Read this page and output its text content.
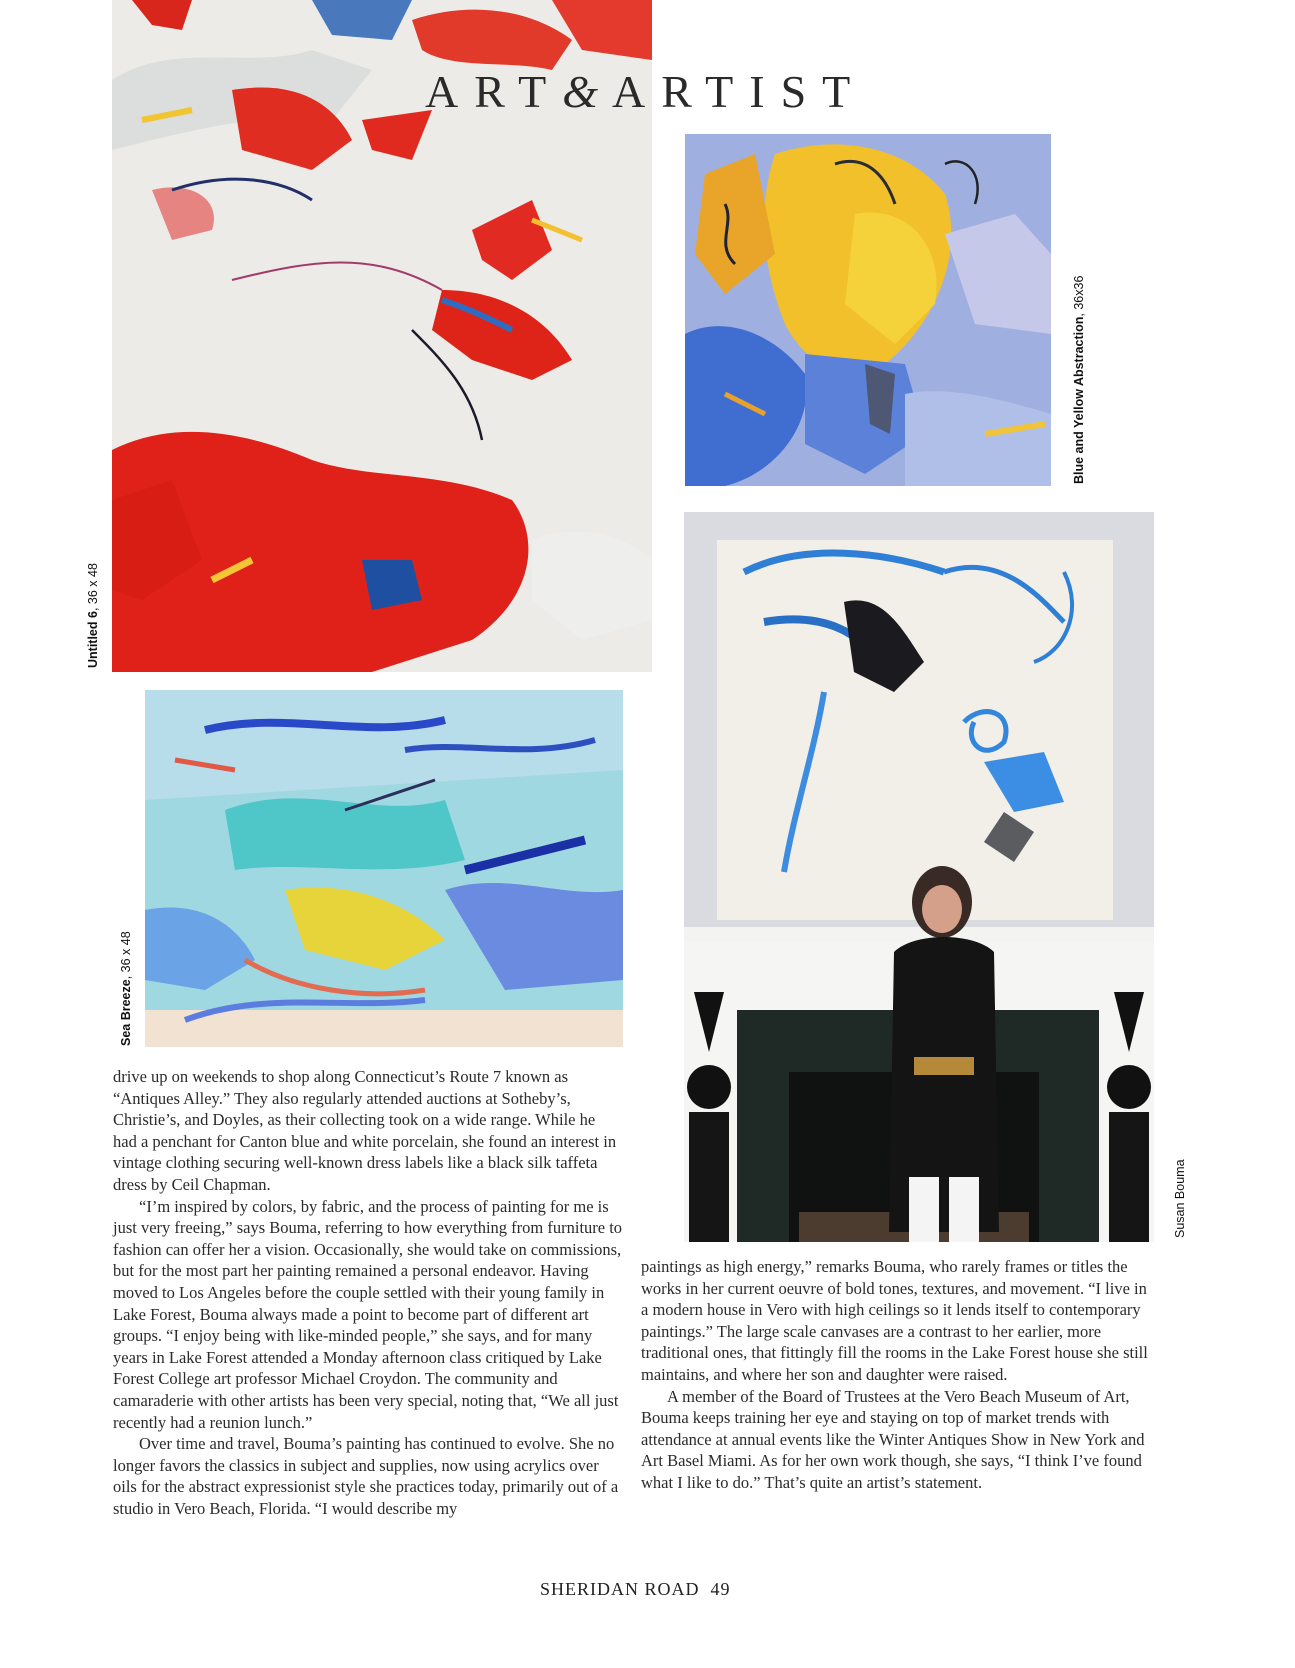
ART& ARTIST
Untitled 6, 36 x 48
Blue and Yellow Abstraction, 36x36
Sea Breeze, 36 x 48
Susan Bouma

drive up on weekends to shop along Connecticut’s Route 7 known as “Antiques Alley.” They also regularly attended auctions at Sotheby’s, Christie’s, and Doyles, as their collecting took on a wide range. While he had a penchant for Canton blue and white porcelain, she found an interest in vintage clothing securing well-known dress labels like a black silk taffeta dress by Ceil Chapman.

“I’m inspired by colors, by fabric, and the process of painting for me is just very freeing,” says Bouma, referring to how everything from furniture to fashion can offer her a vision. Occasionally, she would take on commissions, but for the most part her painting remained a personal endeavor. Having moved to Los Angeles before the couple settled with their young family in Lake Forest, Bouma always made a point to become part of different art groups. “I enjoy being with like-minded people,” she says, and for many years in Lake Forest attended a Monday afternoon class critiqued by Lake Forest College art professor Michael Croydon. The community and camaraderie with other artists has been very special, noting that, “We all just recently had a reunion lunch.”

Over time and travel, Bouma’s painting has continued to evolve. She no longer favors the classics in subject and supplies, now using acrylics over oils for the abstract expressionist style she practices today, primarily out of a studio in Vero Beach, Florida. “I would describe my

paintings as high energy,” remarks Bouma, who rarely frames or titles the works in her current oeuvre of bold tones, textures, and movement. “I live in a modern house in Vero with high ceilings so it lends itself to contemporary paintings.” The large scale canvases are a contrast to her earlier, more traditional ones, that fittingly fill the rooms in the Lake Forest house she still maintains, and where her son and daughter were raised.

A member of the Board of Trustees at the Vero Beach Museum of Art, Bouma keeps training her eye and staying on top of market trends with attendance at annual events like the Winter Antiques Show in New York and Art Basel Miami. As for her own work though, she says, “I think I’ve found what I like to do.” That’s quite an artist’s statement.

SHERIDAN ROAD 49
